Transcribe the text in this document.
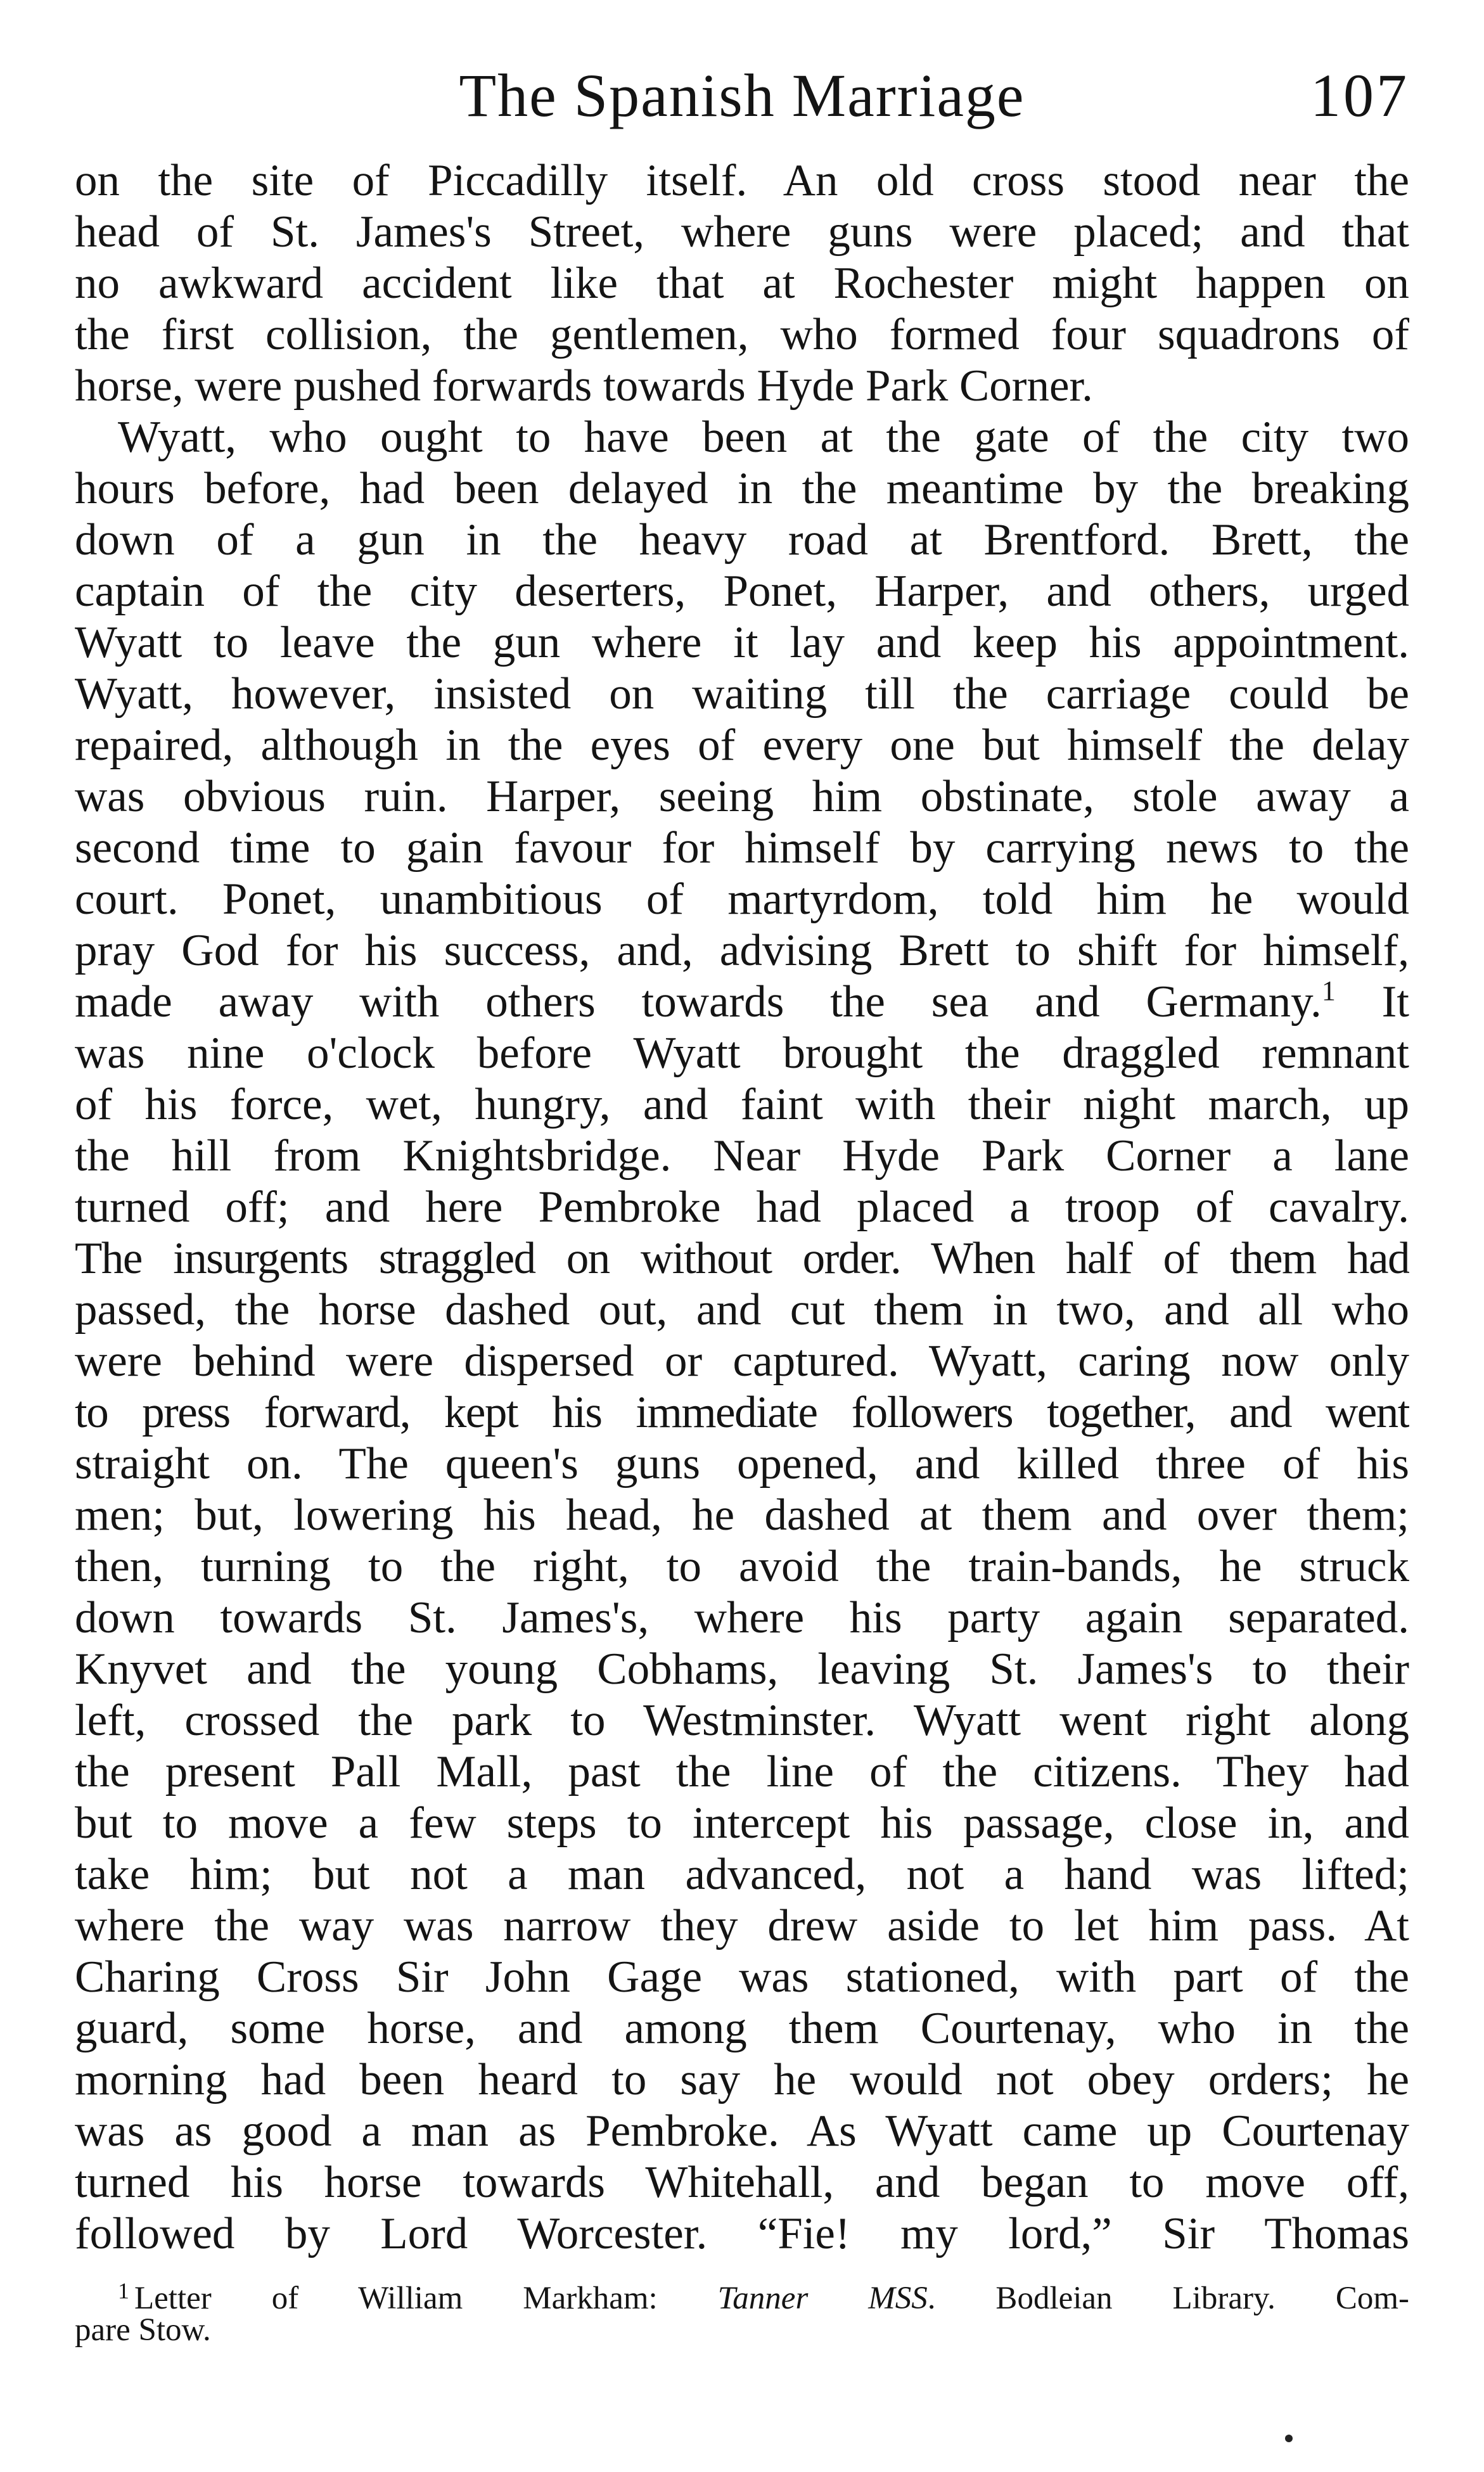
The Spanish Marriage	107
on the site of Piccadilly itself. An old cross stood near the
head of St. James's Street, where guns were placed; and that
no awkward accident like that at Rochester might happen on
the first collision, the gentlemen, who formed four squadrons of
horse, were pushed forwards towards Hyde Park Corner.
Wyatt, who ought to have been at the gate of the city two
hours before, had been delayed in the meantime by the breaking
down of a gun in the heavy road at Brentford. Brett, the
captain of the city deserters, Ponet, Harper, and others, urged
Wyatt to leave the gun where it lay and keep his appointment.
Wyatt, however, insisted on waiting till the carriage could be
repaired, although in the eyes of every one but himself the delay
was obvious ruin. Harper, seeing him obstinate, stole away a
second time to gain favour for himself by carrying news to the
court. Ponet, unambitious of martyrdom, told him he would
pray God for his success, and, advising Brett to shift for himself,
made away with others towards the sea and Germany.$^1$ It
was nine o'clock before Wyatt brought the draggled remnant
of his force, wet, hungry, and faint with their night march, up
the hill from Knightsbridge. Near Hyde Park Corner a lane
turned off; and here Pembroke had placed a troop of cavalry.
The insurgents straggled on without order. When half of them had
passed, the horse dashed out, and cut them in two, and all who
were behind were dispersed or captured. Wyatt, caring now only
to press forward, kept his immediate followers together, and went
straight on. The queen's guns opened, and killed three of his
men; but, lowering his head, he dashed at them and over them;
then, turning to the right, to avoid the train-bands, he struck
down towards St. James's, where his party again separated.
Knyvet and the young Cobhams, leaving St. James's to their
left, crossed the park to Westminster. Wyatt went right along
the present Pall Mall, past the line of the citizens. They had
but to move a few steps to intercept his passage, close in, and
take him; but not a man advanced, not a hand was lifted;
where the way was narrow they drew aside to let him pass. At
Charing Cross Sir John Gage was stationed, with part of the
guard, some horse, and among them Courtenay, who in the
morning had been heard to say he would not obey orders; he
was as good a man as Pembroke. As Wyatt came up Courtenay
turned his horse towards Whitehall, and began to move off,
followed by Lord Worcester. “Fie! my lord,” Sir Thomas
$^1$ Letter of William Markham: Tanner MSS. Bodleian Library. Com-
pare Stow.
